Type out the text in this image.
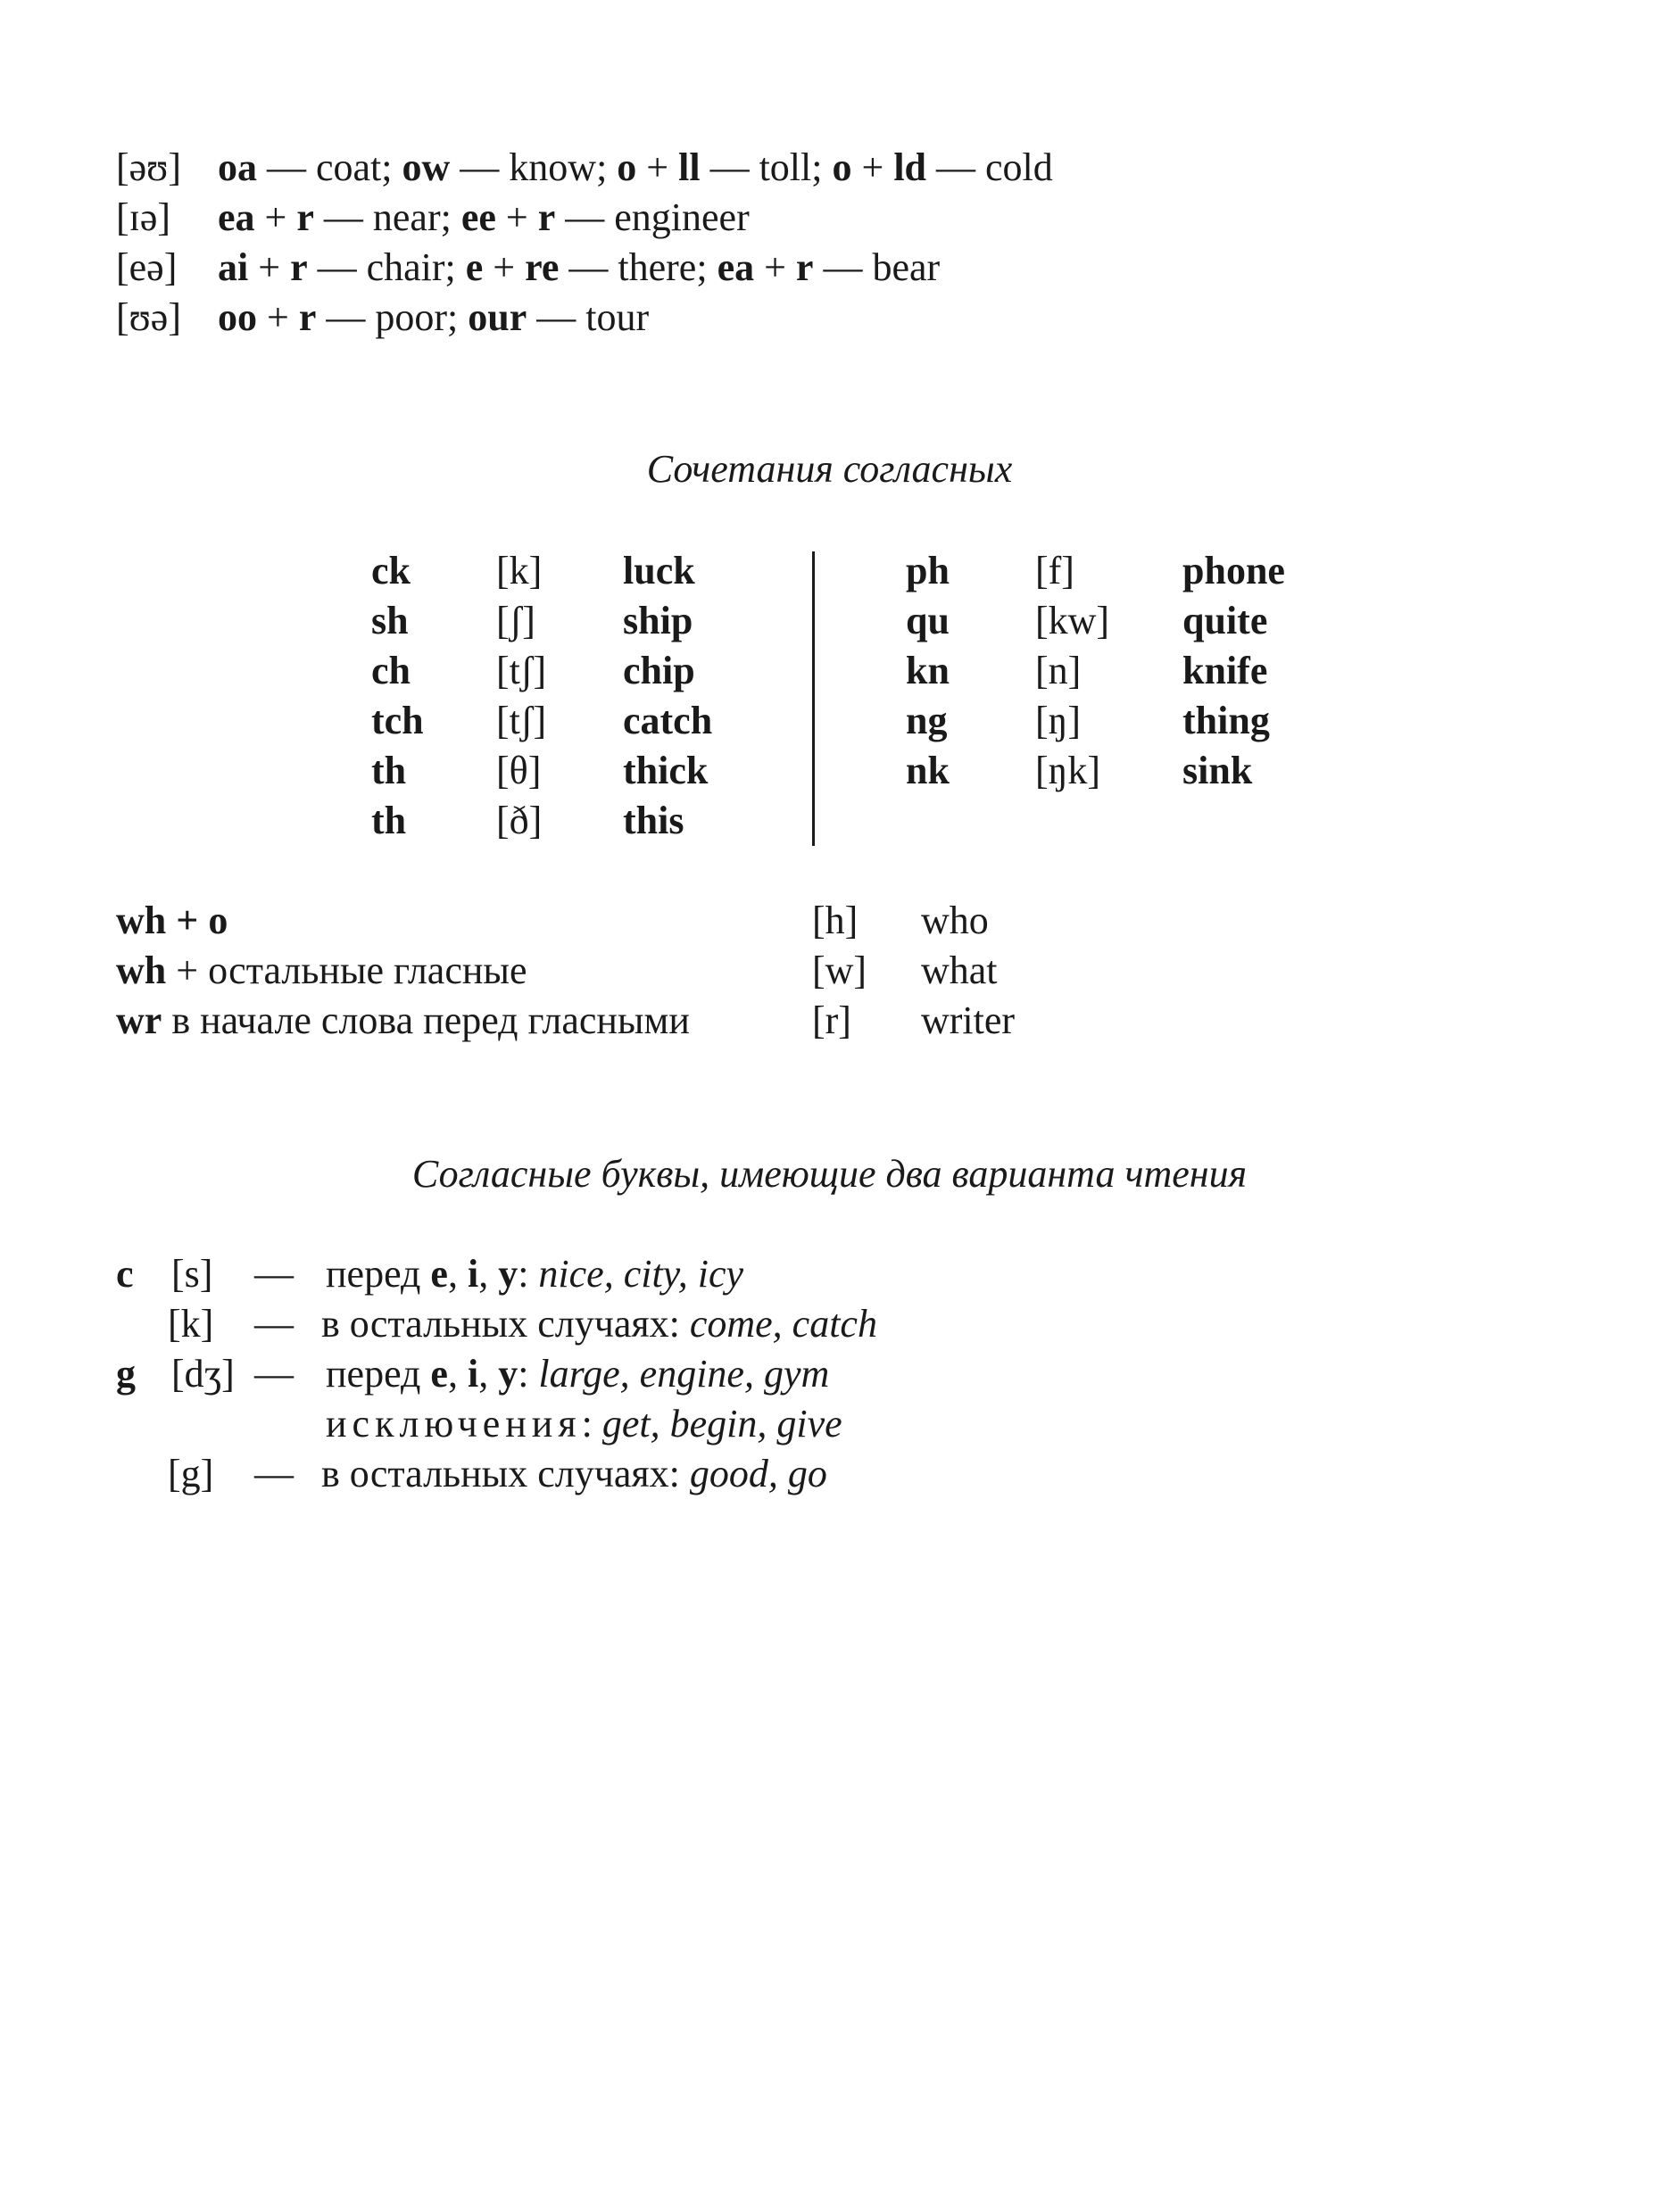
[əʊ] oa — coat; ow — know; o + ll — toll; o + ld — cold
[ɪə] ea + r — near; ee + r — engineer
[eə] ai + r — chair; e + re — there; ea + r — bear
[ʊə] oo + r — poor; our — tour
Сочетания согласных
ck [k] luck
sh [ʃ] ship
ch [tʃ] chip
tch [tʃ] catch
th [θ] thick
th [ð] this
ph [f]	phone
qu [kw] quite
kn [n]	knife
ng [ŋ]	thing
nk [ŋk] sink
wh + o	[h] who
wh + остальные гласные	[w] what
wr в начале слова перед гласными	[r] writer
Согласные буквы, имеющие два варианта чтения
c [s] — перед e, i, y: nice, city, icy
[k] — в остальных случаях: come, catch
g [dʒ] — перед e, i, y: large, engine, gym
исключения: get, begin, give
[g] — в остальных случаях: good, go
